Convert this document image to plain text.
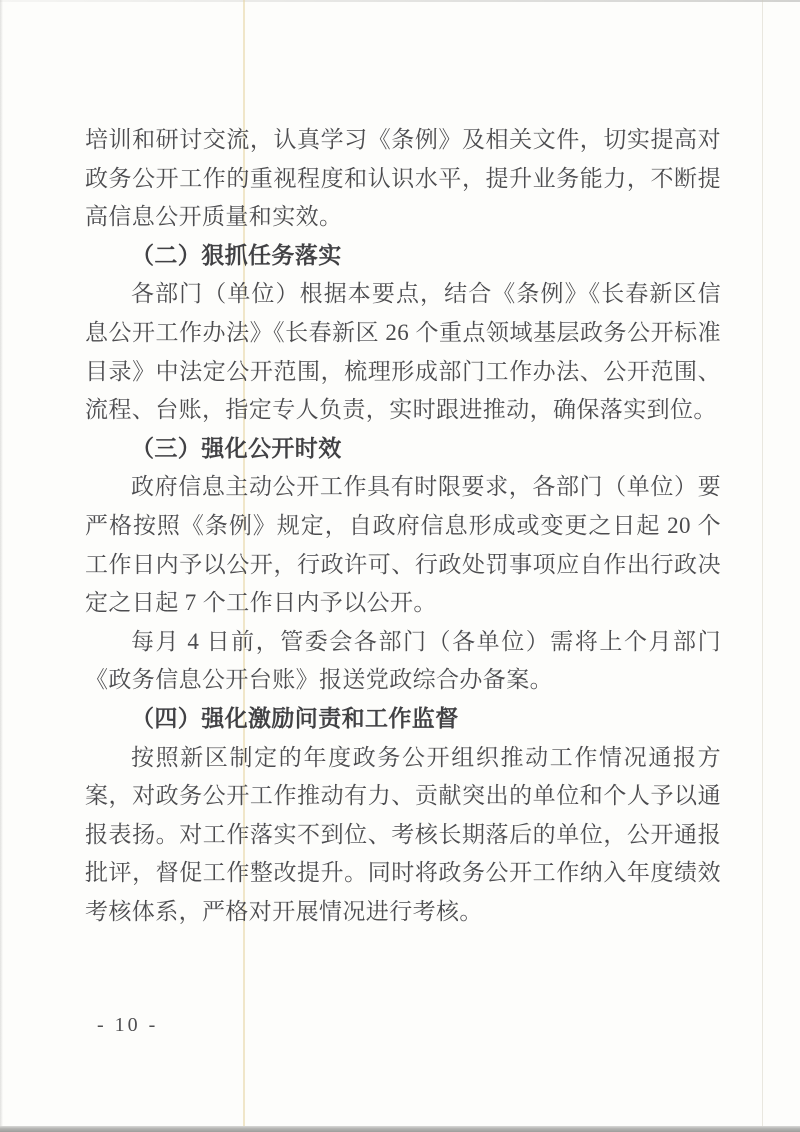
培训和研讨交流，认真学习《条例》及相关文件，切实提高对政务公开工作的重视程度和认识水平，提升业务能力，不断提高信息公开质量和实效。

（二）狠抓任务落实

各部门（单位）根据本要点，结合《条例》《长春新区信息公开工作办法》《长春新区 26 个重点领域基层政务公开标准目录》中法定公开范围，梳理形成部门工作办法、公开范围、流程、台账，指定专人负责，实时跟进推动，确保落实到位。

（三）强化公开时效

政府信息主动公开工作具有时限要求，各部门（单位）要严格按照《条例》规定，自政府信息形成或变更之日起 20 个工作日内予以公开，行政许可、行政处罚事项应自作出行政决定之日起 7 个工作日内予以公开。

每月 4 日前，管委会各部门（各单位）需将上个月部门《政务信息公开台账》报送党政综合办备案。

（四）强化激励问责和工作监督

按照新区制定的年度政务公开组织推动工作情况通报方案，对政务公开工作推动有力、贡献突出的单位和个人予以通报表扬。对工作落实不到位、考核长期落后的单位，公开通报批评，督促工作整改提升。同时将政务公开工作纳入年度绩效考核体系，严格对开展情况进行考核。

- 10 -
